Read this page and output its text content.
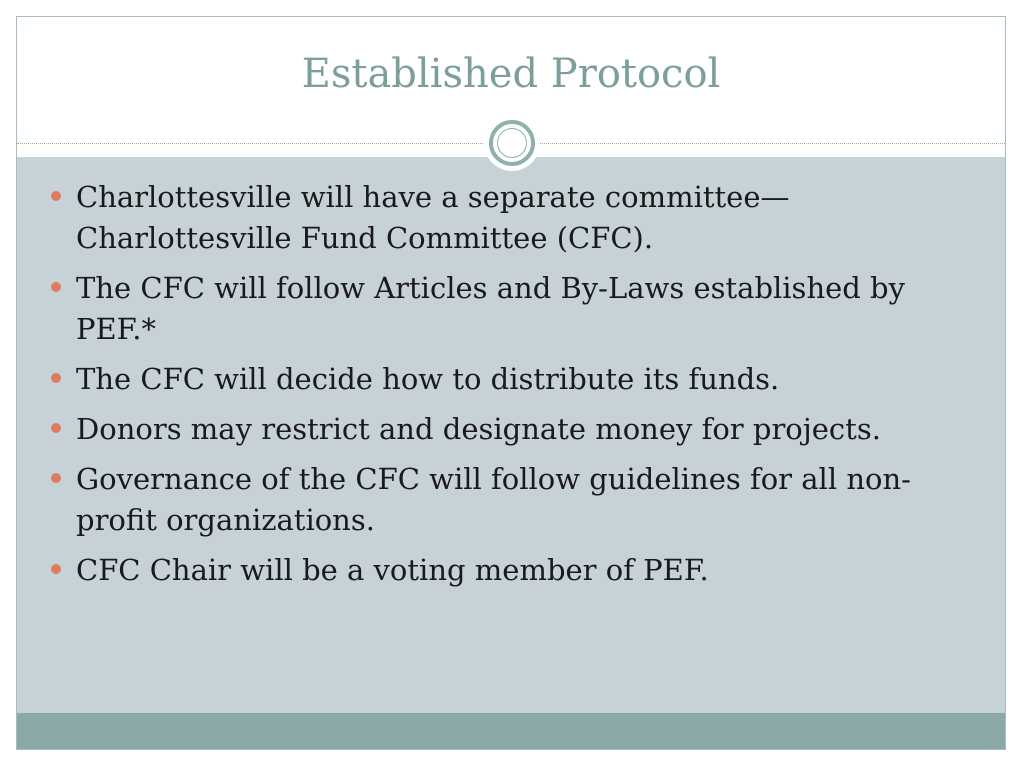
Established Protocol
Charlottesville will have a separate committee—Charlottesville Fund Committee (CFC).
The CFC will follow Articles and By-Laws established by PEF.*
The CFC will decide how to distribute its funds.
Donors may restrict and designate money for projects.
Governance of the CFC will follow guidelines for all non-profit organizations.
CFC Chair will be a voting member of PEF.
